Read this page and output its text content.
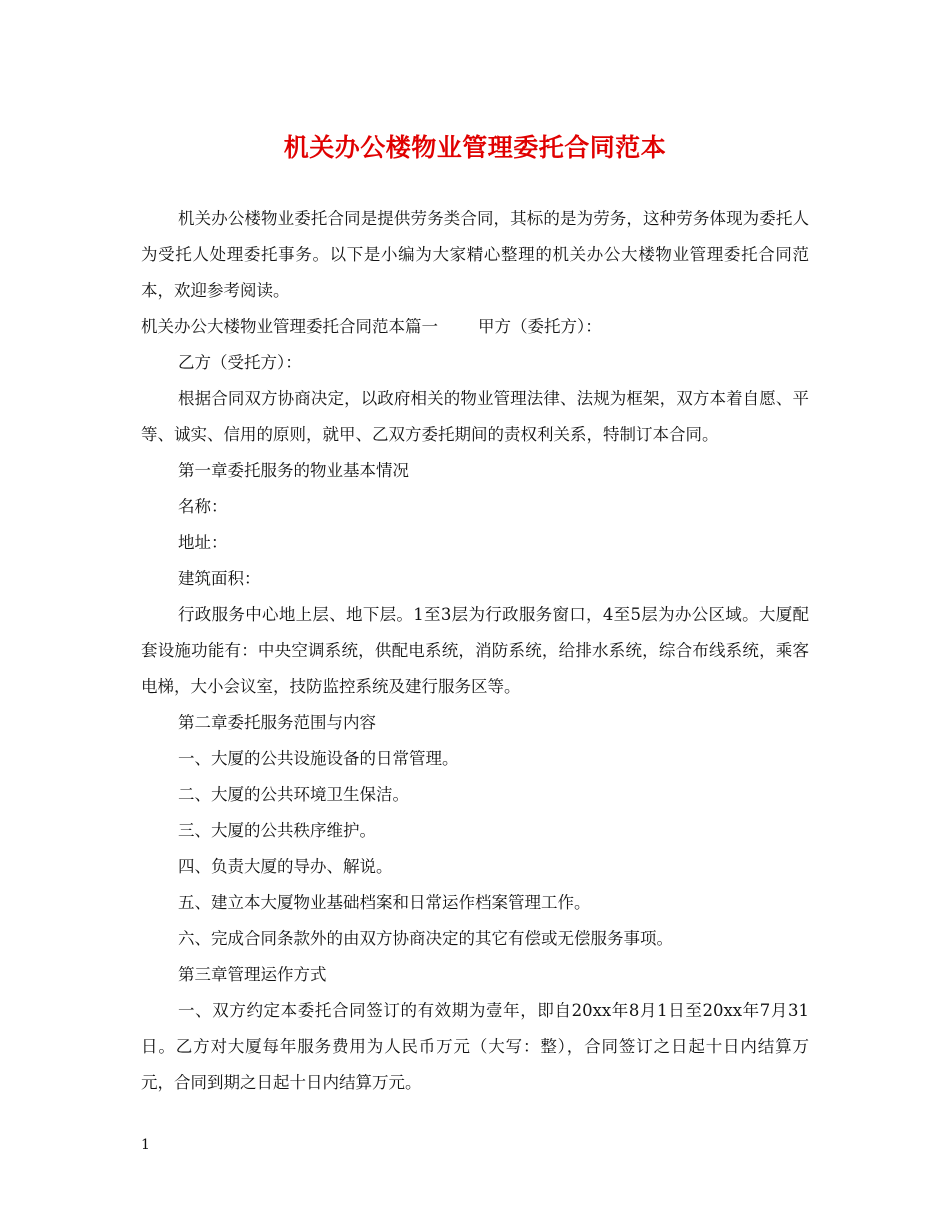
机关办公楼物业管理委托合同范本

机关办公楼物业委托合同是提供劳务类合同，其标的是为劳务，这种劳务体现为委托人为受托人处理委托事务。以下是小编为大家精心整理的机关办公大楼物业管理委托合同范本，欢迎参考阅读。

机关办公大楼物业管理委托合同范本篇一 甲方（委托方）：

乙方（受托方）：

根据合同双方协商决定，以政府相关的物业管理法律、法规为框架，双方本着自愿、平等、诚实、信用的原则，就甲、乙双方委托期间的责权利关系，特制订本合同。

第一章委托服务的物业基本情况

名称：

地址：

建筑面积：

行政服务中心地上层、地下层。1至3层为行政服务窗口，4至5层为办公区域。大厦配套设施功能有：中央空调系统，供配电系统，消防系统，给排水系统，综合布线系统，乘客电梯，大小会议室，技防监控系统及建行服务区等。

第二章委托服务范围与内容

一、大厦的公共设施设备的日常管理。

二、大厦的公共环境卫生保洁。

三、大厦的公共秩序维护。

四、负责大厦的导办、解说。

五、建立本大厦物业基础档案和日常运作档案管理工作。

六、完成合同条款外的由双方协商决定的其它有偿或无偿服务事项。

第三章管理运作方式

一、双方约定本委托合同签订的有效期为壹年，即自20xx年8月1日至20xx年7月31日。乙方对大厦每年服务费用为人民币万元（大写：整），合同签订之日起十日内结算万元，合同到期之日起十日内结算万元。

1
